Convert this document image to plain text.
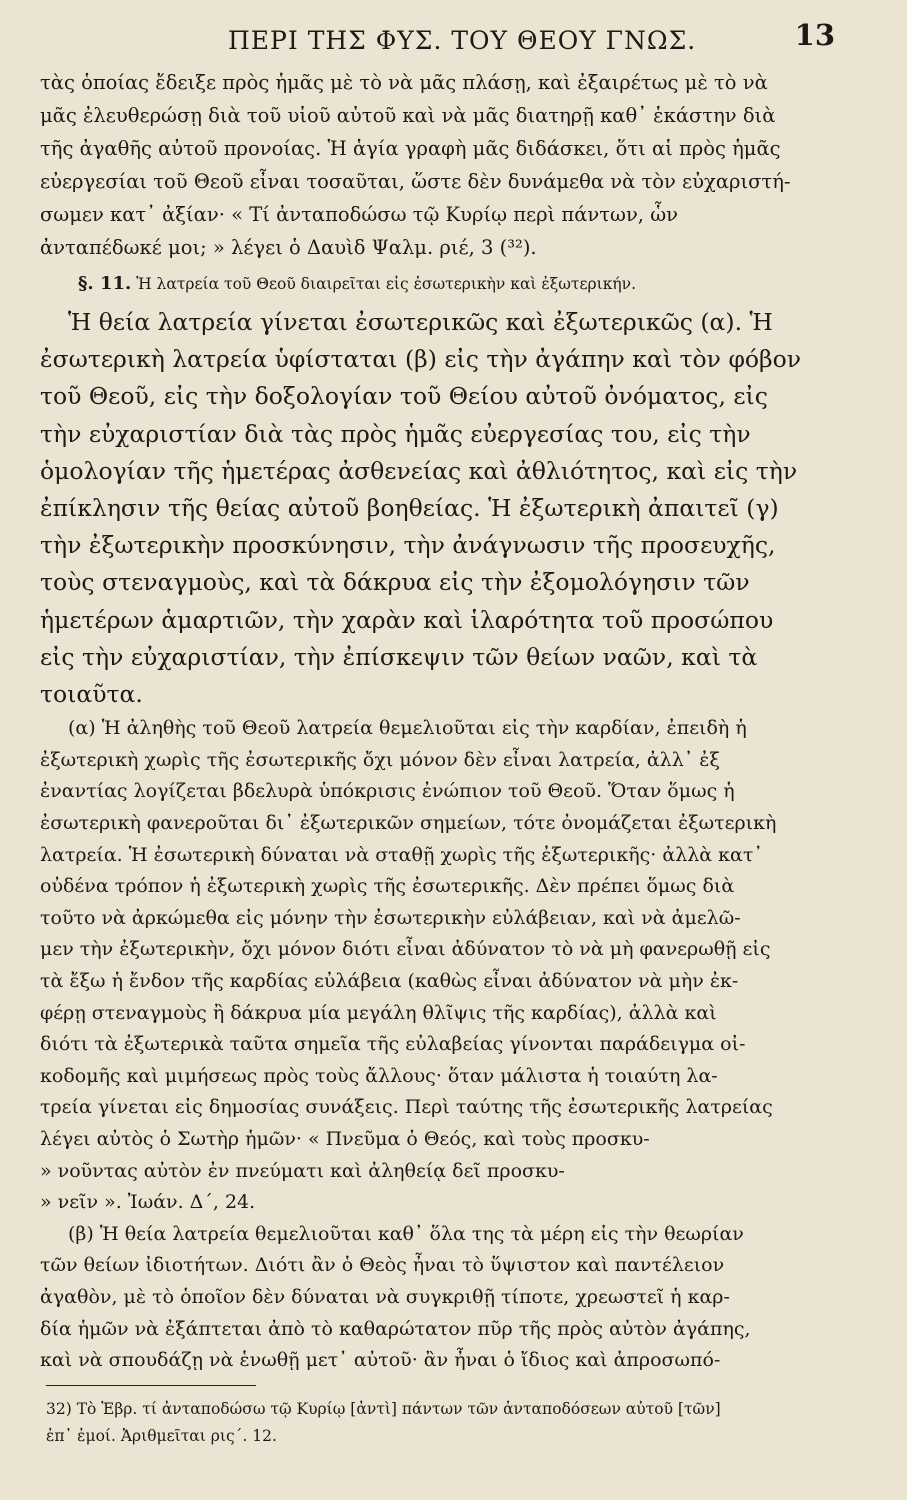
ΠΕΡΙ ΤΗΣ ΦΥΣ. ΤΟΥ ΘΕΟΥ ΓΝΩΣ.	13
τὰς ὁποίας ἔδειξε πρὸς ἡμᾶς μὲ τὸ νὰ μᾶς πλάσῃ, καὶ ἐξαιρέτως μὲ τὸ νὰ
μᾶς ἐλευθερώσῃ διὰ τοῦ υἱοῦ αὐτοῦ καὶ νὰ μᾶς διατηρῇ καθ᾽ ἑκάστην διὰ
τῆς ἀγαθῆς αὐτοῦ προνοίας. Ἡ ἁγία γραφὴ μᾶς διδάσκει, ὅτι αἱ πρὸς ἡμᾶς
εὐεργεσίαι τοῦ Θεοῦ εἶναι τοσαῦται, ὥστε δὲν δυνάμεθα νὰ τὸν εὐχαριστή-
σωμεν κατ᾽ ἀξίαν· « Τί ἀνταποδώσω τῷ Κυρίῳ περὶ πάντων, ὧν
ἀνταπέδωκέ μοι; » λέγει ὁ Δαυὶδ Ψαλμ. ριέ, 3 (³²).
§. 11. Ἡ λατρεία τοῦ Θεοῦ διαιρεῖται εἰς ἐσωτερικὴν καὶ ἐξωτερικήν.
Ἡ θεία λατρεία γίνεται ἐσωτερικῶς καὶ ἐξωτερικῶς (α). Ἡ
ἐσωτερικὴ λατρεία ὑφίσταται (β) εἰς τὴν ἀγάπην καὶ τὸν φόβον
τοῦ Θεοῦ, εἰς τὴν δοξολογίαν τοῦ Θείου αὐτοῦ ὀνόματος, εἰς
τὴν εὐχαριστίαν διὰ τὰς πρὸς ἡμᾶς εὐεργεσίας του, εἰς τὴν
ὁμολογίαν τῆς ἡμετέρας ἀσθενείας καὶ ἀθλιότητος, καὶ εἰς τὴν
ἐπίκλησιν τῆς θείας αὐτοῦ βοηθείας. Ἡ ἐξωτερικὴ ἀπαιτεῖ (γ)
τὴν ἐξωτερικὴν προσκύνησιν, τὴν ἀνάγνωσιν τῆς προσευχῆς,
τοὺς στεναγμοὺς, καὶ τὰ δάκρυα εἰς τὴν ἐξομολόγησιν τῶν
ἡμετέρων ἁμαρτιῶν, τὴν χαρὰν καὶ ἱλαρότητα τοῦ προσώπου
εἰς τὴν εὐχαριστίαν, τὴν ἐπίσκεψιν τῶν θείων ναῶν, καὶ τὰ
τοιαῦτα.
(α) Ἡ ἀληθὴς τοῦ Θεοῦ λατρεία θεμελιοῦται εἰς τὴν καρδίαν, ἐπειδὴ ἡ
ἐξωτερικὴ χωρὶς τῆς ἐσωτερικῆς ὄχι μόνον δὲν εἶναι λατρεία, ἀλλ᾽ ἐξ
ἐναντίας λογίζεται βδελυρὰ ὑπόκρισις ἐνώπιον τοῦ Θεοῦ. Ὅταν ὅμως ἡ
ἐσωτερικὴ φανεροῦται δι᾽ ἐξωτερικῶν σημείων, τότε ὀνομάζεται ἐξωτερικὴ
λατρεία. Ἡ ἐσωτερικὴ δύναται νὰ σταθῇ χωρὶς τῆς ἐξωτερικῆς· ἀλλὰ κατ᾽
οὐδένα τρόπον ἡ ἐξωτερικὴ χωρὶς τῆς ἐσωτερικῆς. Δὲν πρέπει ὅμως διὰ
τοῦτο νὰ ἀρκώμεθα εἰς μόνην τὴν ἐσωτερικὴν εὐλάβειαν, καὶ νὰ ἀμελῶ-
μεν τὴν ἐξωτερικὴν, ὄχι μόνον διότι εἶναι ἀδύνατον τὸ νὰ μὴ φανερωθῇ εἰς
τὰ ἔξω ἡ ἔνδον τῆς καρδίας εὐλάβεια (καθὼς εἶναι ἀδύνατον νὰ μὴν ἐκ-
φέρῃ στεναγμοὺς ἢ δάκρυα μία μεγάλη θλῖψις τῆς καρδίας), ἀλλὰ καὶ
διότι τὰ ἐξωτερικὰ ταῦτα σημεῖα τῆς εὐλαβείας γίνονται παράδειγμα οἰ-
κοδομῆς καὶ μιμήσεως πρὸς τοὺς ἄλλους· ὅταν μάλιστα ἡ τοιαύτη λα-
τρεία γίνεται εἰς δημοσίας συνάξεις. Περὶ ταύτης τῆς ἐσωτερικῆς λατρείας
λέγει αὐτὸς ὁ Σωτὴρ ἡμῶν· « Πνεῦμα ὁ Θεός, καὶ τοὺς προσκυ-
» νοῦντας αὐτὸν ἐν πνεύματι καὶ ἀληθείᾳ δεῖ προσκυ-
» νεῖν ». Ἰωάν. Δ΄, 24.
(β) Ἡ θεία λατρεία θεμελιοῦται καθ᾽ ὅλα της τὰ μέρη εἰς τὴν θεωρίαν
τῶν θείων ἰδιοτήτων. Διότι ἂν ὁ Θεὸς ἦναι τὸ ὕψιστον καὶ παντέλειον
ἀγαθὸν, μὲ τὸ ὁποῖον δὲν δύναται νὰ συγκριθῇ τίποτε, χρεωστεῖ ἡ καρ-
δία ἡμῶν νὰ ἐξάπτεται ἀπὸ τὸ καθαρώτατον πῦρ τῆς πρὸς αὐτὸν ἀγάπης,
καὶ νὰ σπουδάζῃ νὰ ἑνωθῇ μετ᾽ αὐτοῦ· ἂν ἦναι ὁ ἴδιος καὶ ἀπροσωπό-
32) Τὸ Ἑβρ. τί ἀνταποδώσω τῷ Κυρίῳ [ἀντὶ] πάντων τῶν ἀνταποδόσεων αὐτοῦ [τῶν]
ἐπ᾽ ἐμοί. Ἀριθμεῖται ρις΄. 12.
